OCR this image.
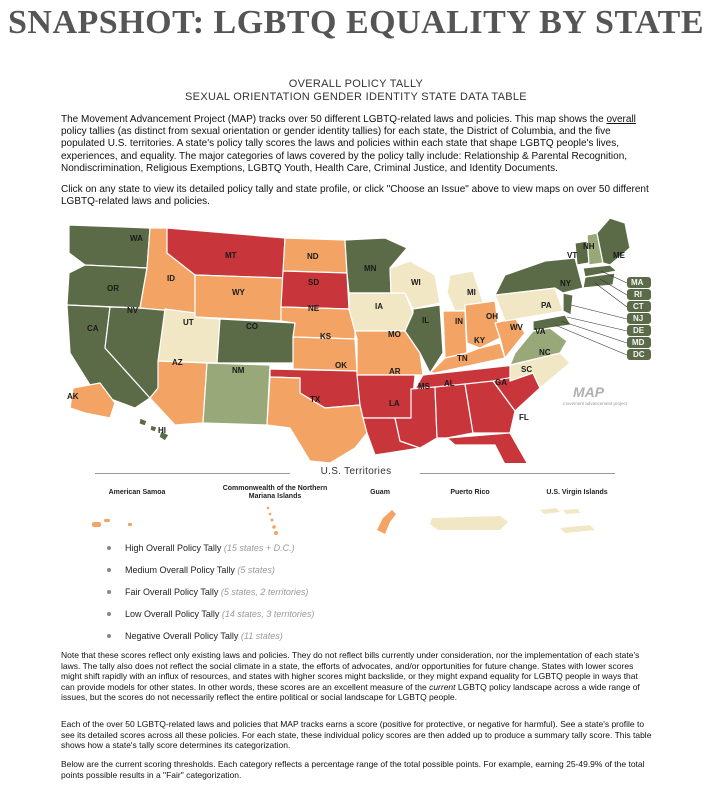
SNAPSHOT: LGBTQ EQUALITY BY STATE
OVERALL POLICY TALLY
SEXUAL ORIENTATION GENDER IDENTITY STATE DATA TABLE
The Movement Advancement Project (MAP) tracks over 50 different LGBTQ-related laws and policies. This map shows the overall policy tallies (as distinct from sexual orientation or gender identity tallies) for each state, the District of Columbia, and the five populated U.S. territories. A state's policy tally scores the laws and policies within each state that shape LGBTQ people's lives, experiences, and equality. The major categories of laws covered by the policy tally include: Relationship & Parental Recognition, Nondiscrimination, Religious Exemptions, LGBTQ Youth, Health Care, Criminal Justice, and Identity Documents.
Click on any state to view its detailed policy tally and state profile, or click "Choose an Issue" above to view maps on over 50 different LGBTQ-related laws and policies.
WA
OR
CA
NV
ID
MT
WY
UT	CO
AZ
NM
ND
SD
NE
KS
OK
TX
MN
IA
MO
AR
LA
WI
IL
MS
MI
IN
OH
KY
TN
AL	GA
FL
SC
NC
VA
WV
PA
NY
VT
NH
ME
AK
HI
MA
RI
CT
NJ
DE
MD
DC
MAP
movement advancement project
U.S. Territories
American Samoa
Commonwealth of the Northern Mariana Islands
Guam	Puerto Rico	U.S. Virgin Islands
High Overall Policy Tally (15 states + D.C.)
Medium Overall Policy Tally (5 states)
Fair Overall Policy Tally (5 states, 2 territories)
Low Overall Policy Tally (14 states, 3 territories)
Negative Overall Policy Tally (11 states)
Note that these scores reflect only existing laws and policies. They do not reflect bills currently under consideration, nor the implementation of each state's laws. The tally also does not reflect the social climate in a state, the efforts of advocates, and/or opportunities for future change. States with lower scores might shift rapidly with an influx of resources, and states with higher scores might backslide, or they might expand equality for LGBTQ people in ways that can provide models for other states. In other words, these scores are an excellent measure of the current LGBTQ policy landscape across a wide range of issues, but the scores do not necessarily reflect the entire political or social landscape for LGBTQ people.
Each of the over 50 LGBTQ-related laws and policies that MAP tracks earns a score (positive for protective, or negative for harmful). See a state's profile to see its detailed scores across all these policies. For each state, these individual policy scores are then added up to produce a summary tally score. This table shows how a state's tally score determines its categorization.
Below are the current scoring thresholds. Each category reflects a percentage range of the total possible points. For example, earning 25-49.9% of the total points possible results in a "Fair" categorization.
